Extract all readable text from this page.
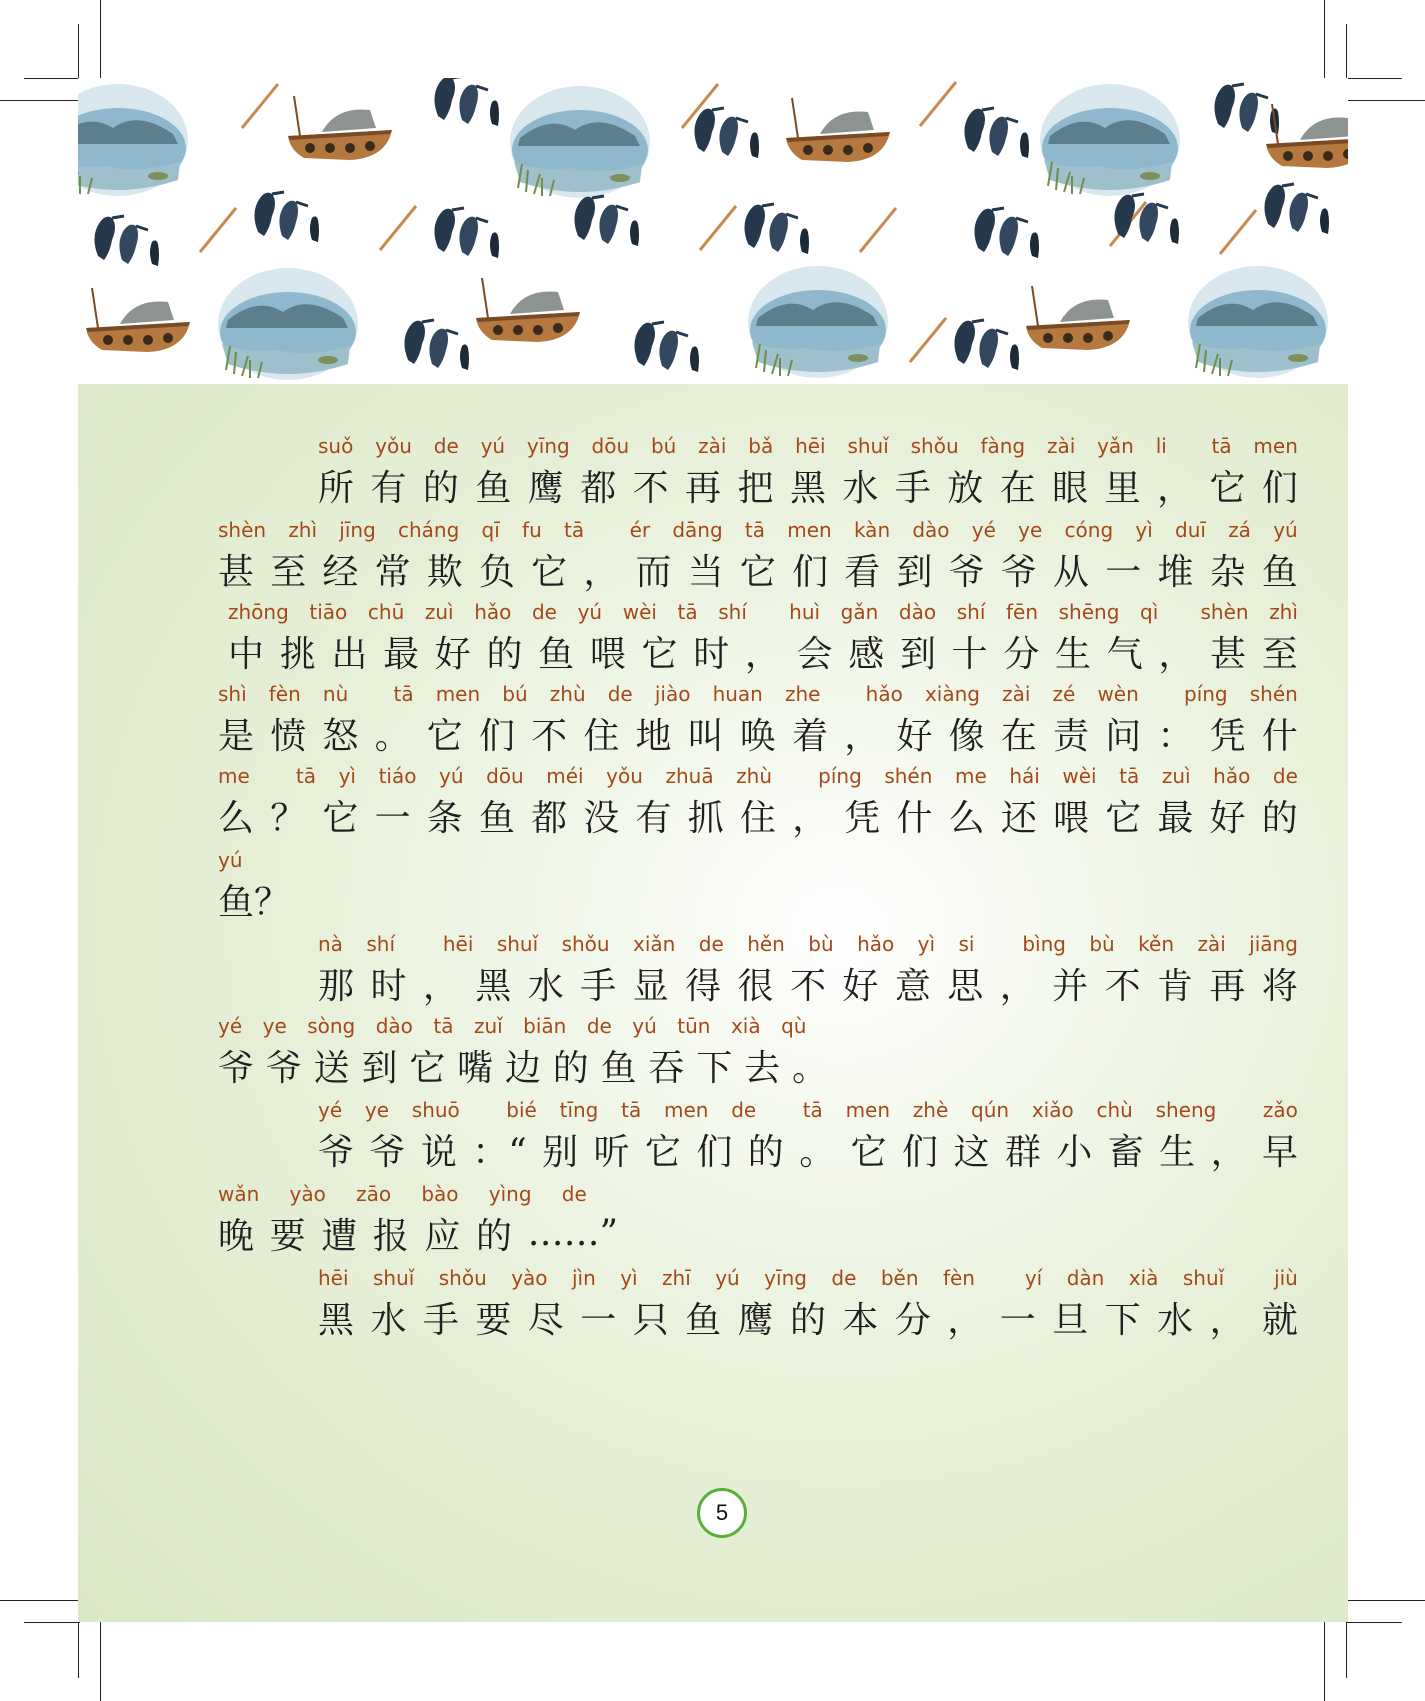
suǒ yǒu de yú yīng dōu bú zài bǎ hēi shuǐ shǒu fàng zài yǎn li tā men
所 有 的 鱼 鹰 都 不 再 把 黑 水 手 放 在 眼 里 ， 它 们
shèn zhì jīng cháng qī fu tā ér dāng tā men kàn dào yé ye cóng yì duī zá yú
甚 至 经 常 欺 负 它 ， 而 当 它 们 看 到 爷 爷 从 一 堆 杂 鱼
zhōng tiāo chū zuì hǎo de yú wèi tā shí huì gǎn dào shí fēn shēng qì shèn zhì
中 挑 出 最 好 的 鱼 喂 它 时 ， 会 感 到 十 分 生 气 ， 甚 至
shì fèn nù tā men bú zhù de jiào huan zhe hǎo xiàng zài zé wèn píng shén
是 愤 怒 。 它 们 不 住 地 叫 唤 着 ， 好 像 在 责 问 ： 凭 什
me tā yì tiáo yú dōu méi yǒu zhuā zhù píng shén me hái wèi tā zuì hǎo de
么 ？ 它 一 条 鱼 都 没 有 抓 住 ， 凭 什 么 还 喂 它 最 好 的
yú
鱼 ？
nà shí hēi shuǐ shǒu xiǎn de hěn bù hǎo yì si bìng bù kěn zài jiāng
那 时 ， 黑 水 手 显 得 很 不 好 意 思 ， 并 不 肯 再 将
yé ye sòng dào tā zuǐ biān de yú tūn xià qù
爷 爷 送 到 它 嘴 边 的 鱼 吞 下 去 。
yé ye shuō bié tīng tā men de tā men zhè qún xiǎo chù sheng zǎo
爷 爷 说 ：“ 别 听 它 们 的 。 它 们 这 群 小 畜 生 ， 早
wǎn yào zāo bào yìng de
晚 要 遭 报 应 的 ……”
hēi shuǐ shǒu yào jìn yì zhī yú yīng de běn fèn yí dàn xià shuǐ jiù
黑 水 手 要 尽 一 只 鱼 鹰 的 本 分 ， 一 旦 下 水 ， 就
5
